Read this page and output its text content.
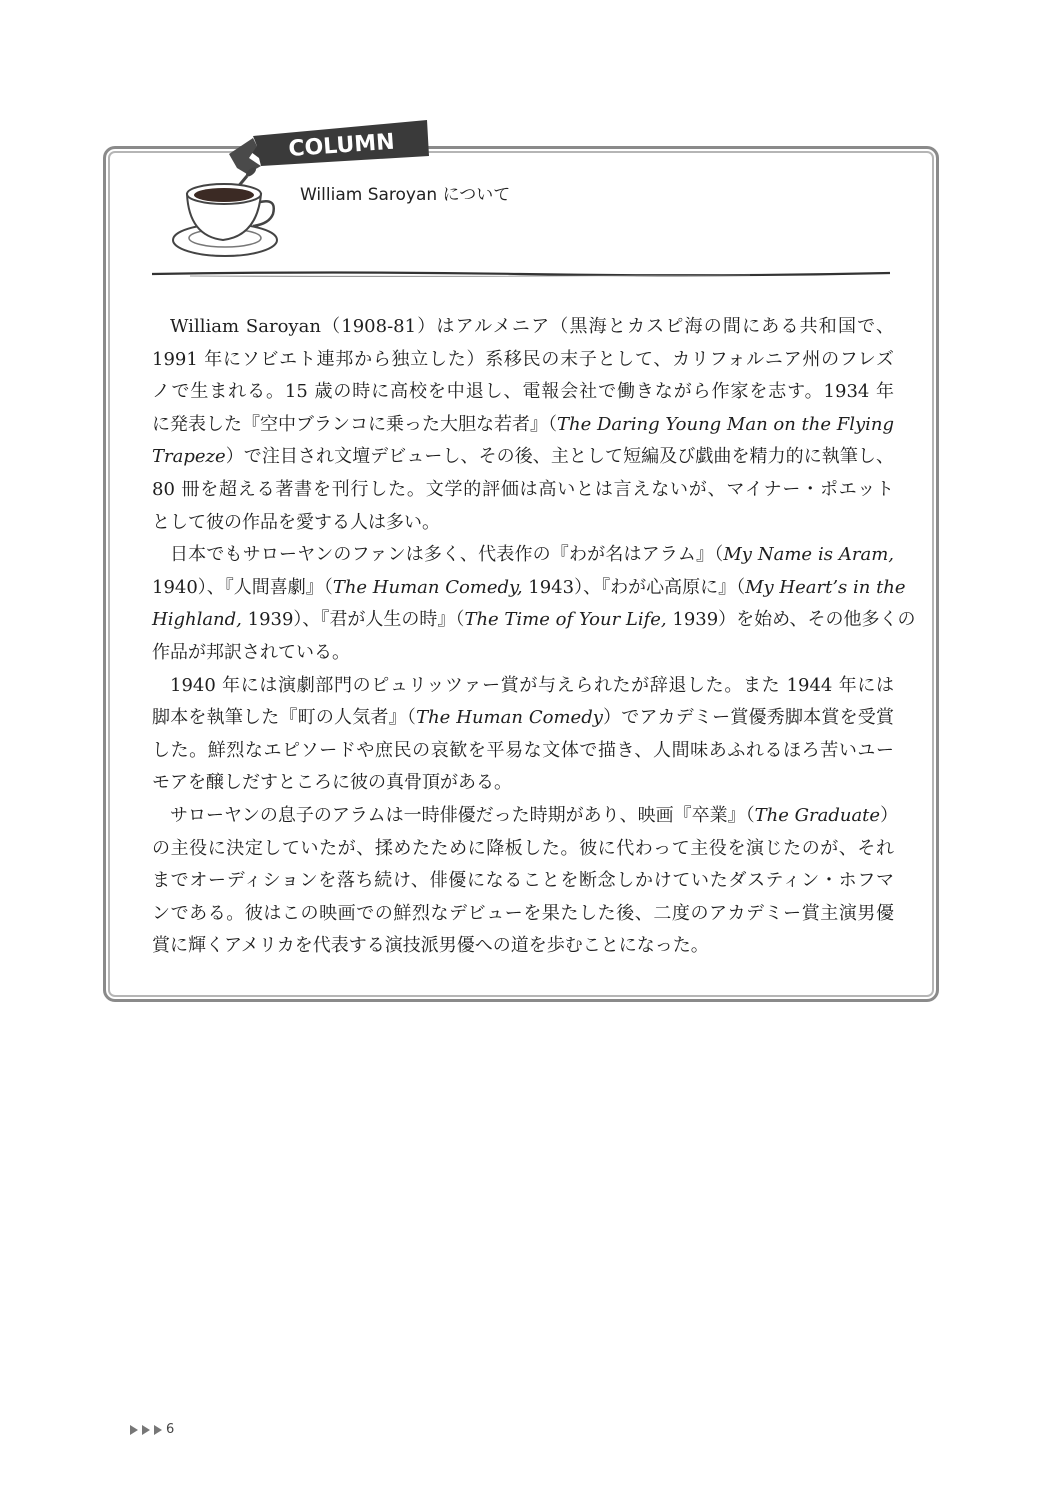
COLUMN
William Saroyan について

William Saroyan（1908-81）はアルメニア（黒海とカスピ海の間にある共和国で、
1991 年にソビエト連邦から独立した）系移民の末子として、カリフォルニア州のフレズ
ノで生まれる。15 歳の時に高校を中退し、電報会社で働きながら作家を志す。1934 年
に発表した『空中ブランコに乗った大胆な若者』（The Daring Young Man on the Flying
Trapeze）で注目され文壇デビューし、その後、主として短編及び戯曲を精力的に執筆し、
80 冊を超える著書を刊行した。文学的評価は高いとは言えないが、マイナー・ポエット
として彼の作品を愛する人は多い。

日本でもサローヤンのファンは多く、代表作の『わが名はアラム』（My Name is Aram,
1940）、『人間喜劇』（The Human Comedy, 1943）、『わが心高原に』（My Heart’s in the
Highland, 1939）、『君が人生の時』（The Time of Your Life, 1939）を始め、その他多くの
作品が邦訳されている。

1940 年には演劇部門のピュリッツァー賞が与えられたが辞退した。また 1944 年には
脚本を執筆した『町の人気者』（The Human Comedy）でアカデミー賞優秀脚本賞を受賞
した。鮮烈なエピソードや庶民の哀歓を平易な文体で描き、人間味あふれるほろ苦いユー
モアを醸しだすところに彼の真骨頂がある。

サローヤンの息子のアラムは一時俳優だった時期があり、映画『卒業』（The Graduate）
の主役に決定していたが、揉めたために降板した。彼に代わって主役を演じたのが、それ
までオーディションを落ち続け、俳優になることを断念しかけていたダスティン・ホフマ
ンである。彼はこの映画での鮮烈なデビューを果たした後、二度のアカデミー賞主演男優
賞に輝くアメリカを代表する演技派男優への道を歩むことになった。

6
